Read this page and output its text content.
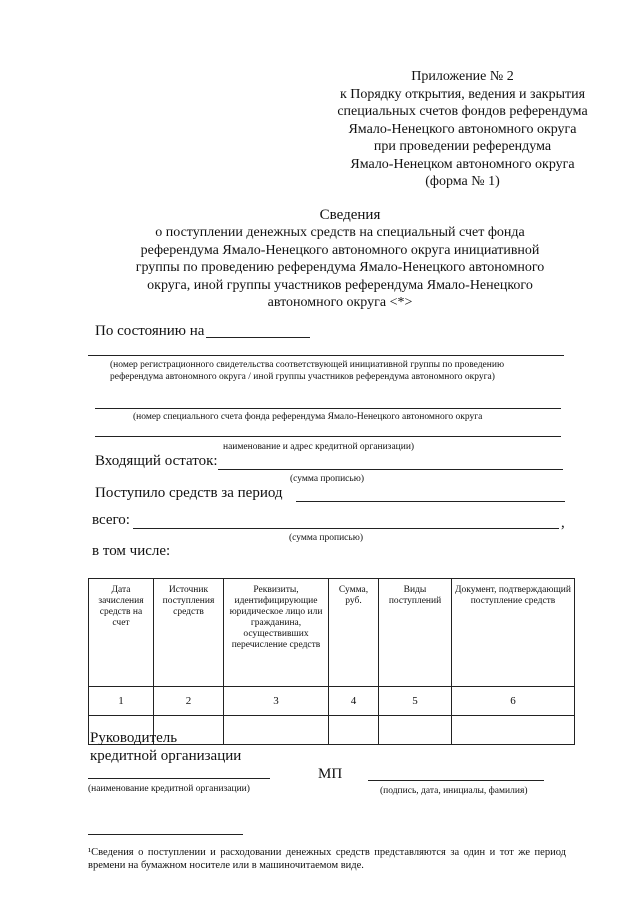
Приложение № 2
к Порядку открытия, ведения и закрытия
специальных счетов фондов референдума
Ямало-Ненецкого автономного округа
при проведении референдума
Ямало-Ненецком автономного округа
(форма № 1)
Сведения
о поступлении денежных средств на специальный счет фонда
референдума Ямало-Ненецкого автономного округа инициативной
группы по проведению референдума Ямало-Ненецкого автономного
округа, иной группы участников референдума Ямало-Ненецкого
автономного округа <*>
По состоянию на
(номер регистрационного свидетельства соответствующей инициативной группы по проведению
референдума автономного округа / иной группы участников референдума автономного округа)
(номер специального счета фонда референдума Ямало-Ненецкого автономного округа
наименование и адрес кредитной организации)
Входящий остаток:
(сумма прописью)
Поступило средств за период
всего:	,
(сумма прописью)
в том числе:
Дата зачисления средств на счет	Источник поступления средств	Реквизиты, идентифицирующие юридическое лицо или гражданина, осуществивших перечисление средств	Сумма, руб.	Виды поступлений	Документ, подтверждающий поступление средств
1	2	3	4	5	6

Руководитель
кредитной организации
МП
(наименование кредитной организации)	(подпись, дата, инициалы, фамилия)
¹Сведения о поступлении и расходовании денежных средств представляются за один и тот же период времени на бумажном носителе или в машиночитаемом виде.
